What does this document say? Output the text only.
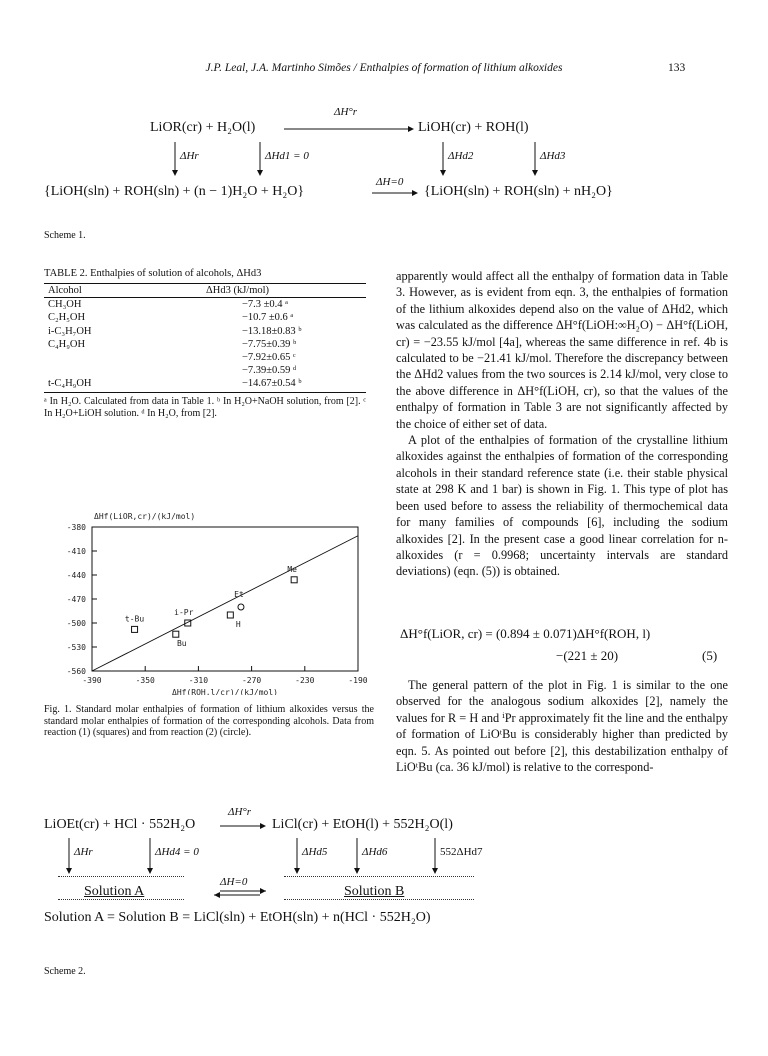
J.P. Leal, J.A. Martinho Simões / Enthalpies of formation of lithium alkoxides	133
LiOR(cr) + H₂O(l)
ΔH°r
LiOH(cr) + ROH(l)
ΔHr	ΔHd1 = 0	ΔHd2	ΔHd3
{LiOH(sln) + ROH(sln) + (n − 1)H₂O + H₂O}
ΔH=0
→ {LiOH(sln) + ROH(sln) + nH₂O}
Scheme 1.
TABLE 2. Enthalpies of solution of alcohols, ΔHd3
Alcohol	ΔHd3 (kJ/mol)
CH₃OH	−7.3 ±0.4 ᵃ
C₂H₅OH	−10.7 ±0.6 ᵃ
i-C₃H₇OH	−13.18±0.83 ᵇ
C₄H₉OH	−7.75±0.39 ᵇ
	−7.92±0.65 ᶜ
	−7.39±0.59 ᵈ
t-C₄H₉OH	−14.67±0.54 ᵇ
ᵃ In H₂O. Calculated from data in Table 1. ᵇ In H₂O+NaOH solution, from [2]. ᶜ In H₂O+LiOH solution. ᵈ In H₂O, from [2].
-380
-410
-440
-470
-500
-530
-560
-390	-350	-310	-270	-230	-190
t-Bu
Bu
i-Pr
H
Et
Me
ΔHf(LiOR,cr)/(kJ/mol)
ΔHf(ROH,l/cr)/(kJ/mol)
Fig. 1. Standard molar enthalpies of formation of lithium alkoxides versus the standard molar enthalpies of formation of the corresponding alcohols. Data from reaction (1) (squares) and from reaction (2) (circle).

apparently would affect all the enthalpy of formation data in Table 3. However, as is evident from eqn. 3, the enthalpies of formation of the lithium alkoxides depend also on the value of ΔHd2, which was calculated as the difference ΔH°f(LiOH:∞H₂O) − ΔH°f(LiOH, cr) = −23.55 kJ/mol [4a], whereas the same difference in ref. 4b is calculated to be −21.41 kJ/mol. Therefore the discrepancy between the ΔHd2 values from the two sources is 2.14 kJ/mol, very close to the above difference in ΔH°f(LiOH, cr), so that the values of the enthalpy of formation in Table 3 are not significantly affected by the choice of either set of data.

A plot of the enthalpies of formation of the crystalline lithium alkoxides against the enthalpies of formation of the corresponding alcohols in their standard reference state (i.e. their stable physical state at 298 K and 1 bar) is shown in Fig. 1. This type of plot has been used before to assess the reliability of thermochemical data for many families of compounds [6], including the sodium alkoxides [2]. In the present case a good linear correlation for n-alkoxides (r = 0.9968; uncertainty intervals are standard deviations) (eqn. (5)) is obtained.

ΔH°f(LiOR, cr) = (0.894 ± 0.071)ΔH°f(ROH, l)
−(221 ± 20)	(5)

The general pattern of the plot in Fig. 1 is similar to the one observed for the analogous sodium alkoxides [2], namely the values for R = H and ⁱPr approximately fit the line and the enthalpy of formation of LiOᵗBu is considerably higher than predicted by eqn. 5. As pointed out before [2], this destabilization enthalpy of LiOᵗBu (ca. 36 kJ/mol) is relative to the correspond-

LiOEt(cr) + HCl · 552H₂O
ΔH°r
LiCl(cr) + EtOH(l) + 552H₂O(l)
ΔHr	ΔHd4 = 0	ΔHd5	ΔHd6	552ΔHd7
Solution A
ΔH=0
Solution B
Solution A = Solution B = LiCl(sln) + EtOH(sln) + n(HCl · 552H₂O)
Scheme 2.
